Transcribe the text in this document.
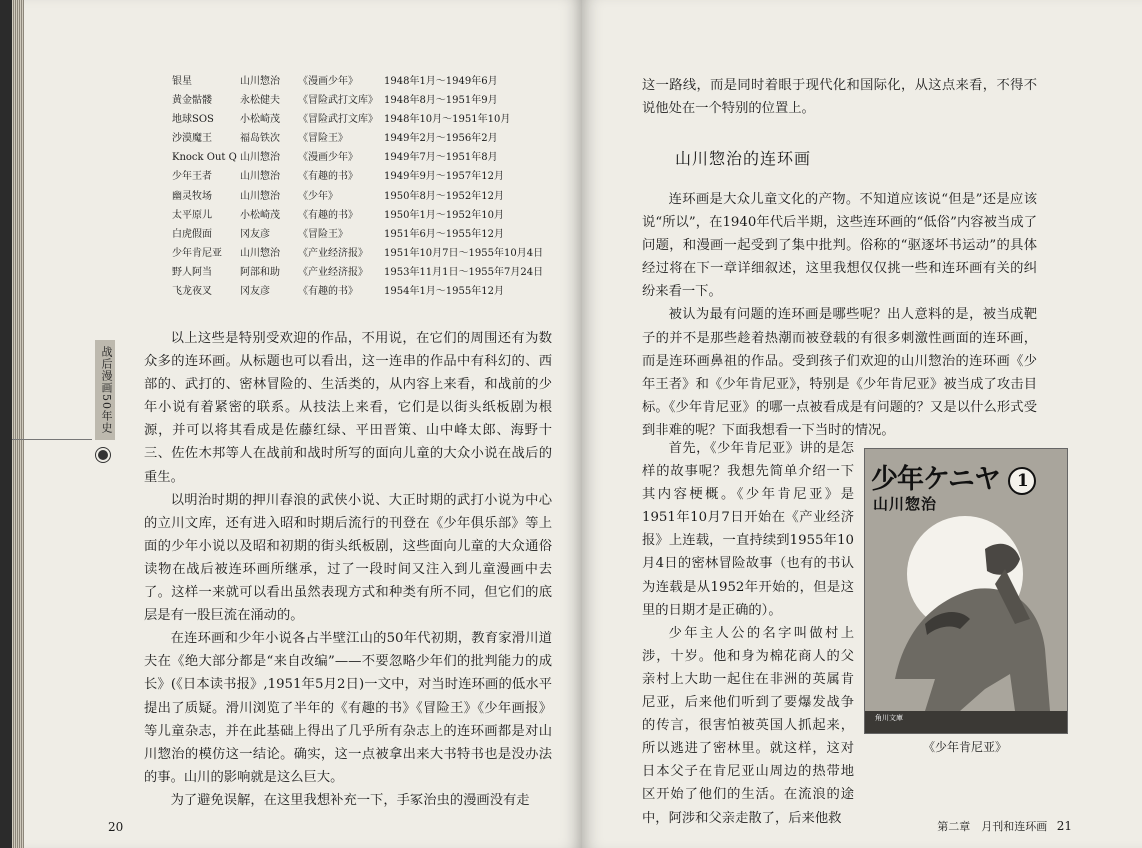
银星	山川惣治	《漫画少年》	1948年1月～1949年6月
黄金骷髅	永松健夫	《冒险武打文库》 1948年8月～1951年9月
地球SOS	小松崎茂	《冒险武打文库》 1948年10月～1951年10月
沙漠魔王	福岛铁次	《冒险王》	1949年2月～1956年2月
Knock Out Q 山川惣治	《漫画少年》	1949年7月～1951年8月
少年王者	山川惣治	《有趣的书》	1949年9月～1957年12月
幽灵牧场	山川惣治	《少年》	1950年8月～1952年12月
太平原儿	小松崎茂	《有趣的书》	1950年1月～1952年10月
白虎假面	冈友彦	《冒险王》	1951年6月～1955年12月
少年肯尼亚	山川惣治	《产业经济报》	1951年10月7日～1955年10月4日
野人阿当	阿部和助	《产业经济报》	1953年11月1日～1955年7月24日
飞龙夜叉	冈友彦	《有趣的书》	1954年1月～1955年12月
战后漫画50年史

以上这些是特别受欢迎的作品，不用说，在它们的周围还有为数众多的连环画。从标题也可以看出，这一连串的作品中有科幻的、西部的、武打的、密林冒险的、生活类的，从内容上来看，和战前的少年小说有着紧密的联系。从技法上来看，它们是以街头纸板剧为根源，并可以将其看成是佐藤红绿、平田晋策、山中峰太郎、海野十三、佐佐木邦等人在战前和战时所写的面向儿童的大众小说在战后的重生。

以明治时期的押川春浪的武侠小说、大正时期的武打小说为中心的立川文库，还有进入昭和时期后流行的刊登在《少年俱乐部》等上面的少年小说以及昭和初期的街头纸板剧，这些面向儿童的大众通俗读物在战后被连环画所继承，过了一段时间又注入到儿童漫画中去了。这样一来就可以看出虽然表现方式和种类有所不同，但它们的底层是有一股巨流在涌动的。

在连环画和少年小说各占半壁江山的50年代初期，教育家滑川道夫在《绝大部分都是“来自改编”——不要忽略少年们的批判能力的成长》(《日本读书报》,1951年5月2日)一文中，对当时连环画的低水平提出了质疑。滑川浏览了半年的《有趣的书》《冒险王》《少年画报》等儿童杂志，并在此基础上得出了几乎所有杂志上的连环画都是对山川惣治的模仿这一结论。确实，这一点被拿出来大书特书也是没办法的事。山川的影响就是这么巨大。

为了避免误解，在这里我想补充一下，手冢治虫的漫画没有走

20

这一路线，而是同时着眼于现代化和国际化，从这点来看，不得不说他处在一个特别的位置上。

山川惣治的连环画

连环画是大众儿童文化的产物。不知道应该说“但是”还是应该说“所以”，在1940年代后半期，这些连环画的“低俗”内容被当成了问题，和漫画一起受到了集中批判。俗称的“驱逐坏书运动”的具体经过将在下一章详细叙述，这里我想仅仅挑一些和连环画有关的纠纷来看一下。

被认为最有问题的连环画是哪些呢？出人意料的是，被当成靶子的并不是那些趁着热潮而被登载的有很多刺激性画面的连环画，而是连环画鼻祖的作品。受到孩子们欢迎的山川惣治的连环画《少年王者》和《少年肯尼亚》，特别是《少年肯尼亚》被当成了攻击目标。《少年肯尼亚》的哪一点被看成是有问题的？又是以什么形式受到非难的呢？下面我想看一下当时的情况。

首先，《少年肯尼亚》讲的是怎样的故事呢？我想先简单介绍一下其内容梗概。《少年肯尼亚》是1951年10月7日开始在《产业经济报》上连载，一直持续到1955年10月4日的密林冒险故事（也有的书认为连载是从1952年开始的，但是这里的日期才是正确的）。

少年主人公的名字叫做村上涉，十岁。他和身为棉花商人的父亲村上大助一起住在非洲的英属肯尼亚，后来他们听到了要爆发战争的传言，很害怕被英国人抓起来，所以逃进了密林里。就这样，这对日本父子在肯尼亚山周边的热带地区开始了他们的生活。在流浪的途中，阿涉和父亲走散了，后来他救

少年ケニヤ 1
山川惣治
角川文庫
《少年肯尼亚》
第二章　月刊和连环画 21
